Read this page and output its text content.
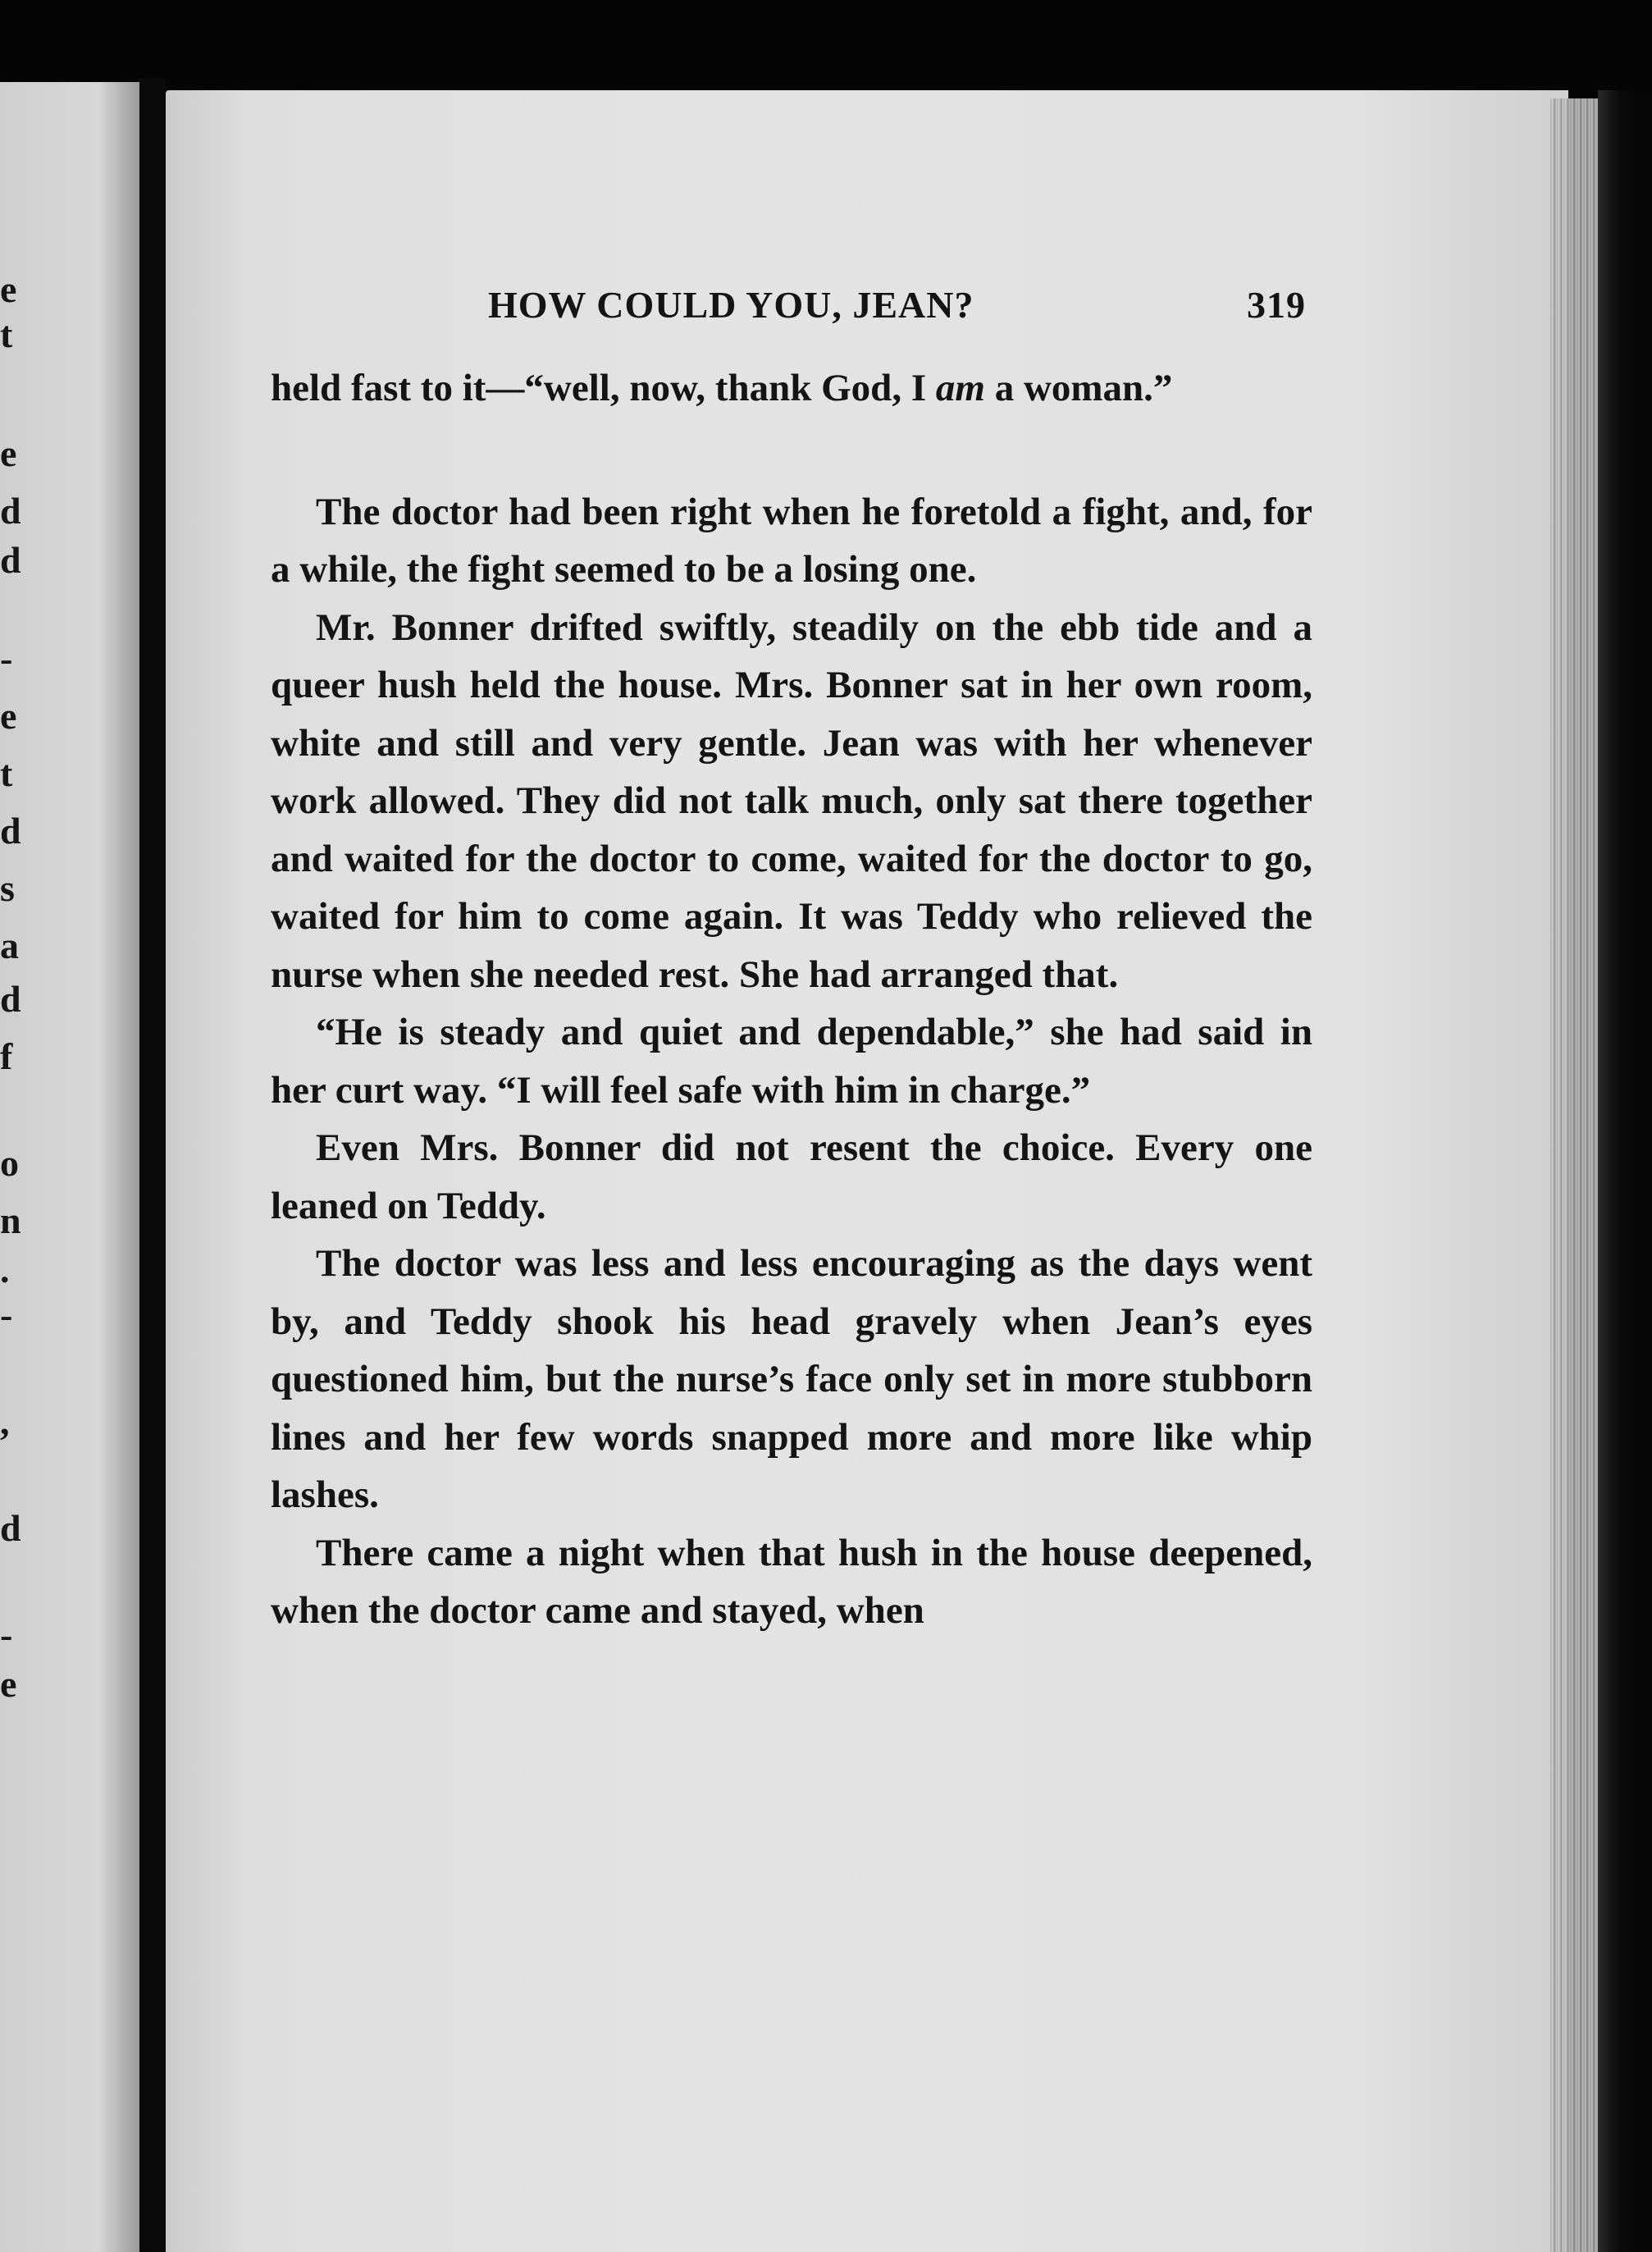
e
t
e
d
d
-
e
t
d
s
a
d
f
o
n
.
-
,
d
-
e
HOW COULD YOU, JEAN?	319

held fast to it—“well, now, thank God, I am a woman.”

The doctor had been right when he foretold a fight, and, for a while, the fight seemed to be a losing one.

Mr. Bonner drifted swiftly, steadily on the ebb tide and a queer hush held the house. Mrs. Bonner sat in her own room, white and still and very gentle. Jean was with her whenever work allowed. They did not talk much, only sat there together and waited for the doctor to come, waited for the doctor to go, waited for him to come again. It was Teddy who relieved the nurse when she needed rest. She had arranged that.

“He is steady and quiet and dependable,” she had said in her curt way. “I will feel safe with him in charge.”

Even Mrs. Bonner did not resent the choice. Every one leaned on Teddy.

The doctor was less and less encouraging as the days went by, and Teddy shook his head gravely when Jean’s eyes questioned him, but the nurse’s face only set in more stubborn lines and her few words snapped more and more like whip lashes.

There came a night when that hush in the house deepened, when the doctor came and stayed, when
